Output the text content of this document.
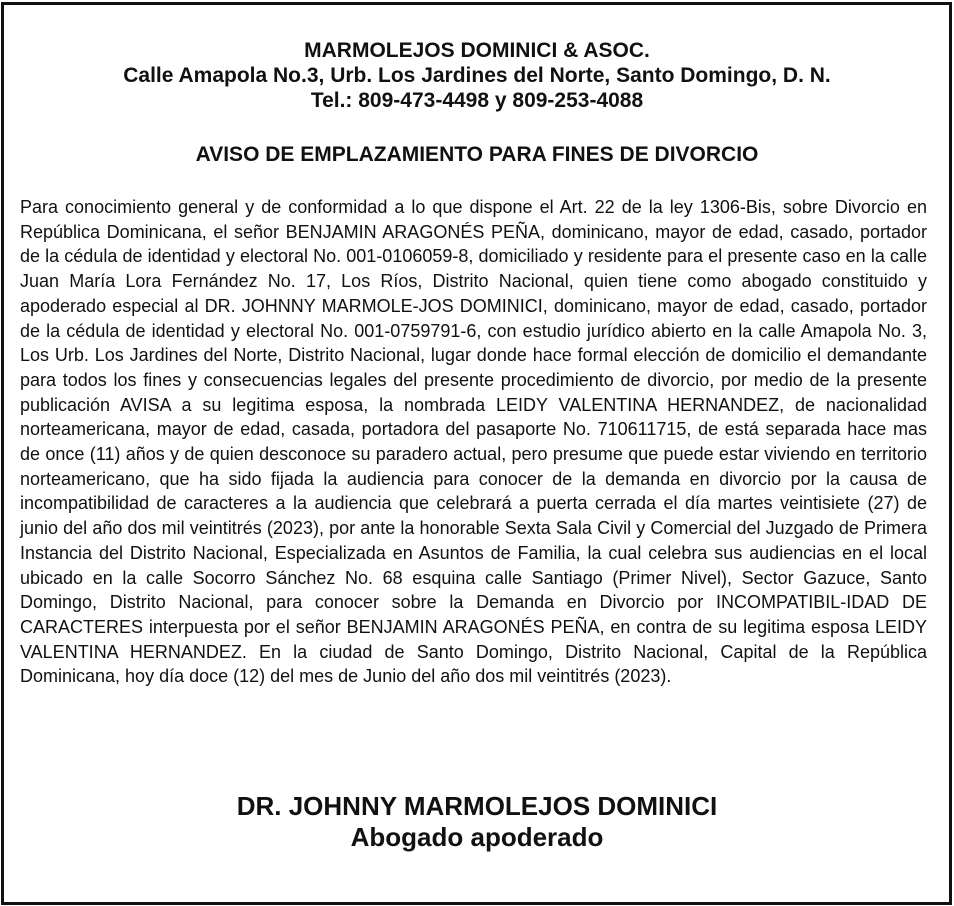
MARMOLEJOS DOMINICI & ASOC.
Calle Amapola No.3, Urb. Los Jardines del Norte, Santo Domingo, D. N.
Tel.: 809-473-4498 y 809-253-4088
AVISO DE EMPLAZAMIENTO PARA FINES DE DIVORCIO

Para conocimiento general y de conformidad a lo que dispone el Art. 22 de la ley 1306-Bis, sobre Divorcio en República Dominicana, el señor BENJAMIN ARAGONÉS PEÑA, dominicano, mayor de edad, casado, portador de la cédula de identidad y electoral No. 001-0106059-8, domiciliado y residente para el presente caso en la calle Juan María Lora Fernández No. 17, Los Ríos, Distrito Nacional, quien tiene como abogado constituido y apoderado especial al DR. JOHNNY MARMOLE-JOS DOMINICI, dominicano, mayor de edad, casado, portador de la cédula de identidad y electoral No. 001-0759791-6, con estudio jurídico abierto en la calle Amapola No. 3, Los Urb. Los Jardines del Norte, Distrito Nacional, lugar donde hace formal elección de domicilio el demandante para todos los fines y consecuencias legales del presente procedimiento de divorcio, por medio de la presente publicación AVISA a su legitima esposa, la nombrada LEIDY VALENTINA HERNANDEZ, de nacionalidad norteamericana, mayor de edad, casada, portadora del pasaporte No. 710611715, de está separada hace mas de once (11) años y de quien desconoce su paradero actual, pero presume que puede estar viviendo en territorio norteamericano, que ha sido fijada la audiencia para conocer de la demanda en divorcio por la causa de incompatibilidad de caracteres a la audiencia que celebrará a puerta cerrada el día martes veintisiete (27) de junio del año dos mil veintitrés (2023), por ante la honorable Sexta Sala Civil y Comercial del Juzgado de Primera Instancia del Distrito Nacional, Especializada en Asuntos de Familia, la cual celebra sus audiencias en el local ubicado en la calle Socorro Sánchez No. 68 esquina calle Santiago (Primer Nivel), Sector Gazuce, Santo Domingo, Distrito Nacional, para conocer sobre la Demanda en Divorcio por INCOMPATIBIL-IDAD DE CARACTERES interpuesta por el señor BENJAMIN ARAGONÉS PEÑA, en contra de su legitima esposa LEIDY VALENTINA HERNANDEZ. En la ciudad de Santo Domingo, Distrito Nacional, Capital de la República Dominicana, hoy día doce (12) del mes de Junio del año dos mil veintitrés (2023).

DR. JOHNNY MARMOLEJOS DOMINICI
Abogado apoderado
